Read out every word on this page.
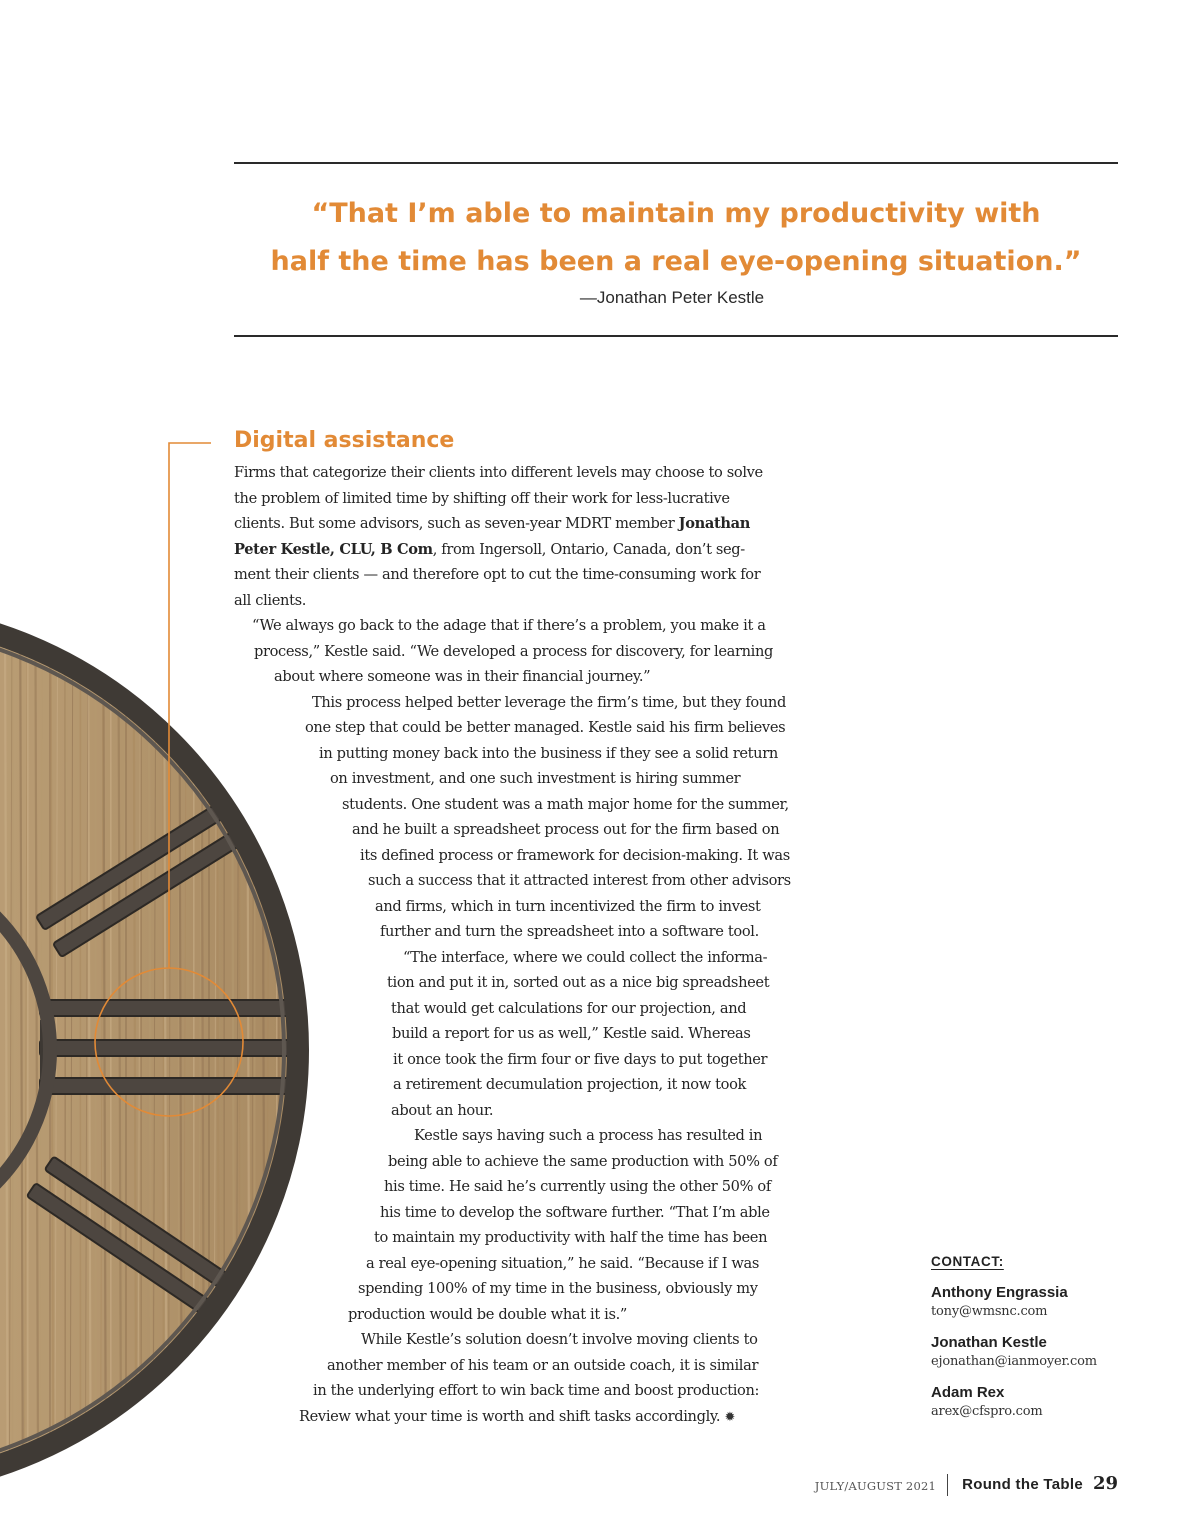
“That I’m able to maintain my productivity with
half the time has been a real eye-opening situation.”
—Jonathan Peter Kestle
Digital assistance
Firms that categorize their clients into different levels may choose to solve
the problem of limited time by shifting off their work for less-lucrative
clients. But some advisors, such as seven-year MDRT member Jonathan
Peter Kestle, CLU, B Com, from Ingersoll, Ontario, Canada, don’t seg-
ment their clients — and therefore opt to cut the time-consuming work for
all clients.
“We always go back to the adage that if there’s a problem, you make it a
process,” Kestle said. “We developed a process for discovery, for learning
about where someone was in their financial journey.”
This process helped better leverage the firm’s time, but they found
one step that could be better managed. Kestle said his firm believes
in putting money back into the business if they see a solid return
on investment, and one such investment is hiring summer
students. One student was a math major home for the summer,
and he built a spreadsheet process out for the firm based on
its defined process or framework for decision-making. It was
such a success that it attracted interest from other advisors
and firms, which in turn incentivized the firm to invest
further and turn the spreadsheet into a software tool.
“The interface, where we could collect the informa-
tion and put it in, sorted out as a nice big spreadsheet
that would get calculations for our projection, and
build a report for us as well,” Kestle said. Whereas
it once took the firm four or five days to put together
a retirement decumulation projection, it now took
about an hour.
Kestle says having such a process has resulted in
being able to achieve the same production with 50% of
his time. He said he’s currently using the other 50% of
his time to develop the software further. “That I’m able
to maintain my productivity with half the time has been
a real eye-opening situation,” he said. “Because if I was
spending 100% of my time in the business, obviously my
production would be double what it is.”
While Kestle’s solution doesn’t involve moving clients to
another member of his team or an outside coach, it is similar
in the underlying effort to win back time and boost production:
Review what your time is worth and shift tasks accordingly. ✹
CONTACT:
Anthony Engrassia
tony@wmsnc.com
Jonathan Kestle
ejonathan@ianmoyer.com
Adam Rex
arex@cfspro.com
JULY/AUGUST 2021 Round the Table 29
